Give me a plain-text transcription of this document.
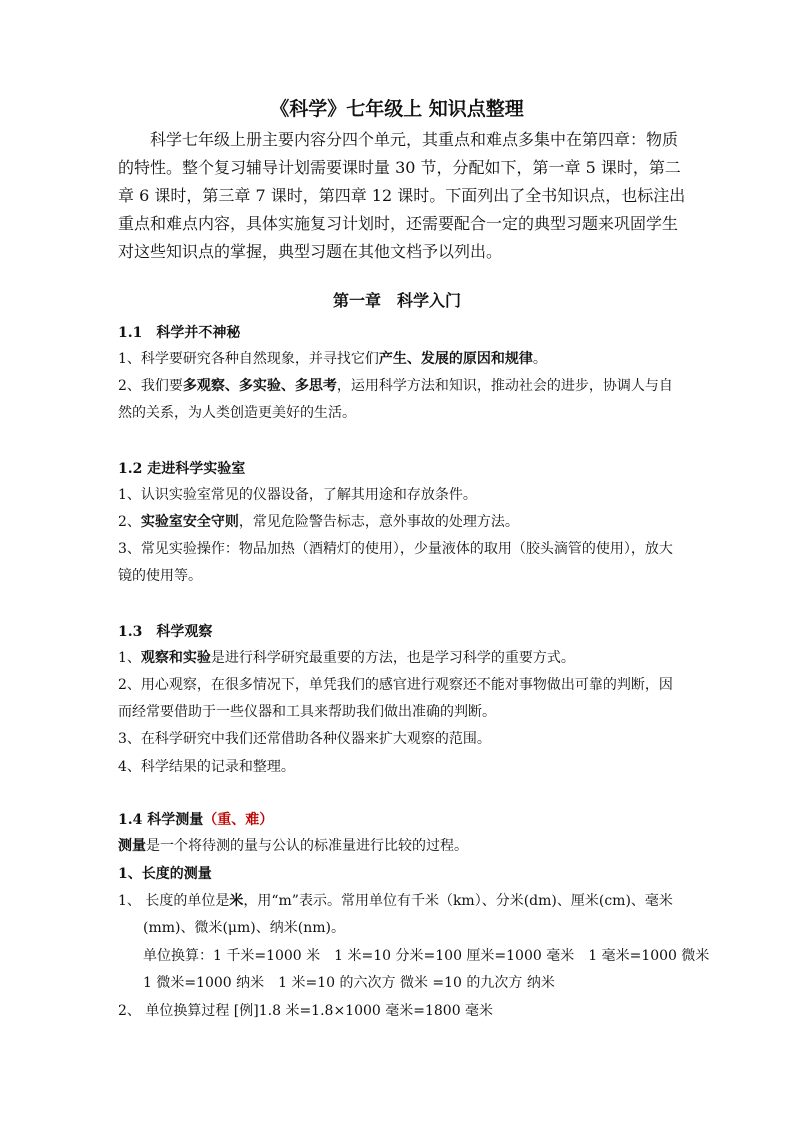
《科学》七年级上 知识点整理
科学七年级上册主要内容分四个单元，其重点和难点多集中在第四章：物质
的特性。整个复习辅导计划需要课时量 30 节，分配如下，第一章 5 课时，第二
章 6 课时，第三章 7 课时，第四章 12 课时。下面列出了全书知识点，也标注出
重点和难点内容，具体实施复习计划时，还需要配合一定的典型习题来巩固学生
对这些知识点的掌握，典型习题在其他文档予以列出。
第一章　科学入门
1.1　科学并不神秘
1、科学要研究各种自然现象，并寻找它们产生、发展的原因和规律。
2、我们要多观察、多实验、多思考，运用科学方法和知识，推动社会的进步，协调人与自
然的关系，为人类创造更美好的生活。
1.2 走进科学实验室
1、认识实验室常见的仪器设备，了解其用途和存放条件。
2、实验室安全守则，常见危险警告标志，意外事故的处理方法。
3、常见实验操作：物品加热（酒精灯的使用），少量液体的取用（胶头滴管的使用），放大
镜的使用等。
1.3　科学观察
1、观察和实验是进行科学研究最重要的方法，也是学习科学的重要方式。
2、用心观察，在很多情况下，单凭我们的感官进行观察还不能对事物做出可靠的判断，因
而经常要借助于一些仪器和工具来帮助我们做出准确的判断。
3、在科学研究中我们还常借助各种仪器来扩大观察的范围。
4、科学结果的记录和整理。
1.4 科学测量（重、难）
测量是一个将待测的量与公认的标准量进行比较的过程。
1、长度的测量
1、 长度的单位是米，用“m”表示。常用单位有千米（km）、分米(dm)、厘米(cm)、毫米
(mm)、微米(μm)、纳米(nm)。
单位换算：1 千米=1000 米　1 米=10 分米=100 厘米=1000 毫米　1 毫米=1000 微米
1 微米=1000 纳米　1 米=10 的六次方 微米 =10 的九次方 纳米
2、 单位换算过程 [例]1.8 米=1.8×1000 毫米=1800 毫米
